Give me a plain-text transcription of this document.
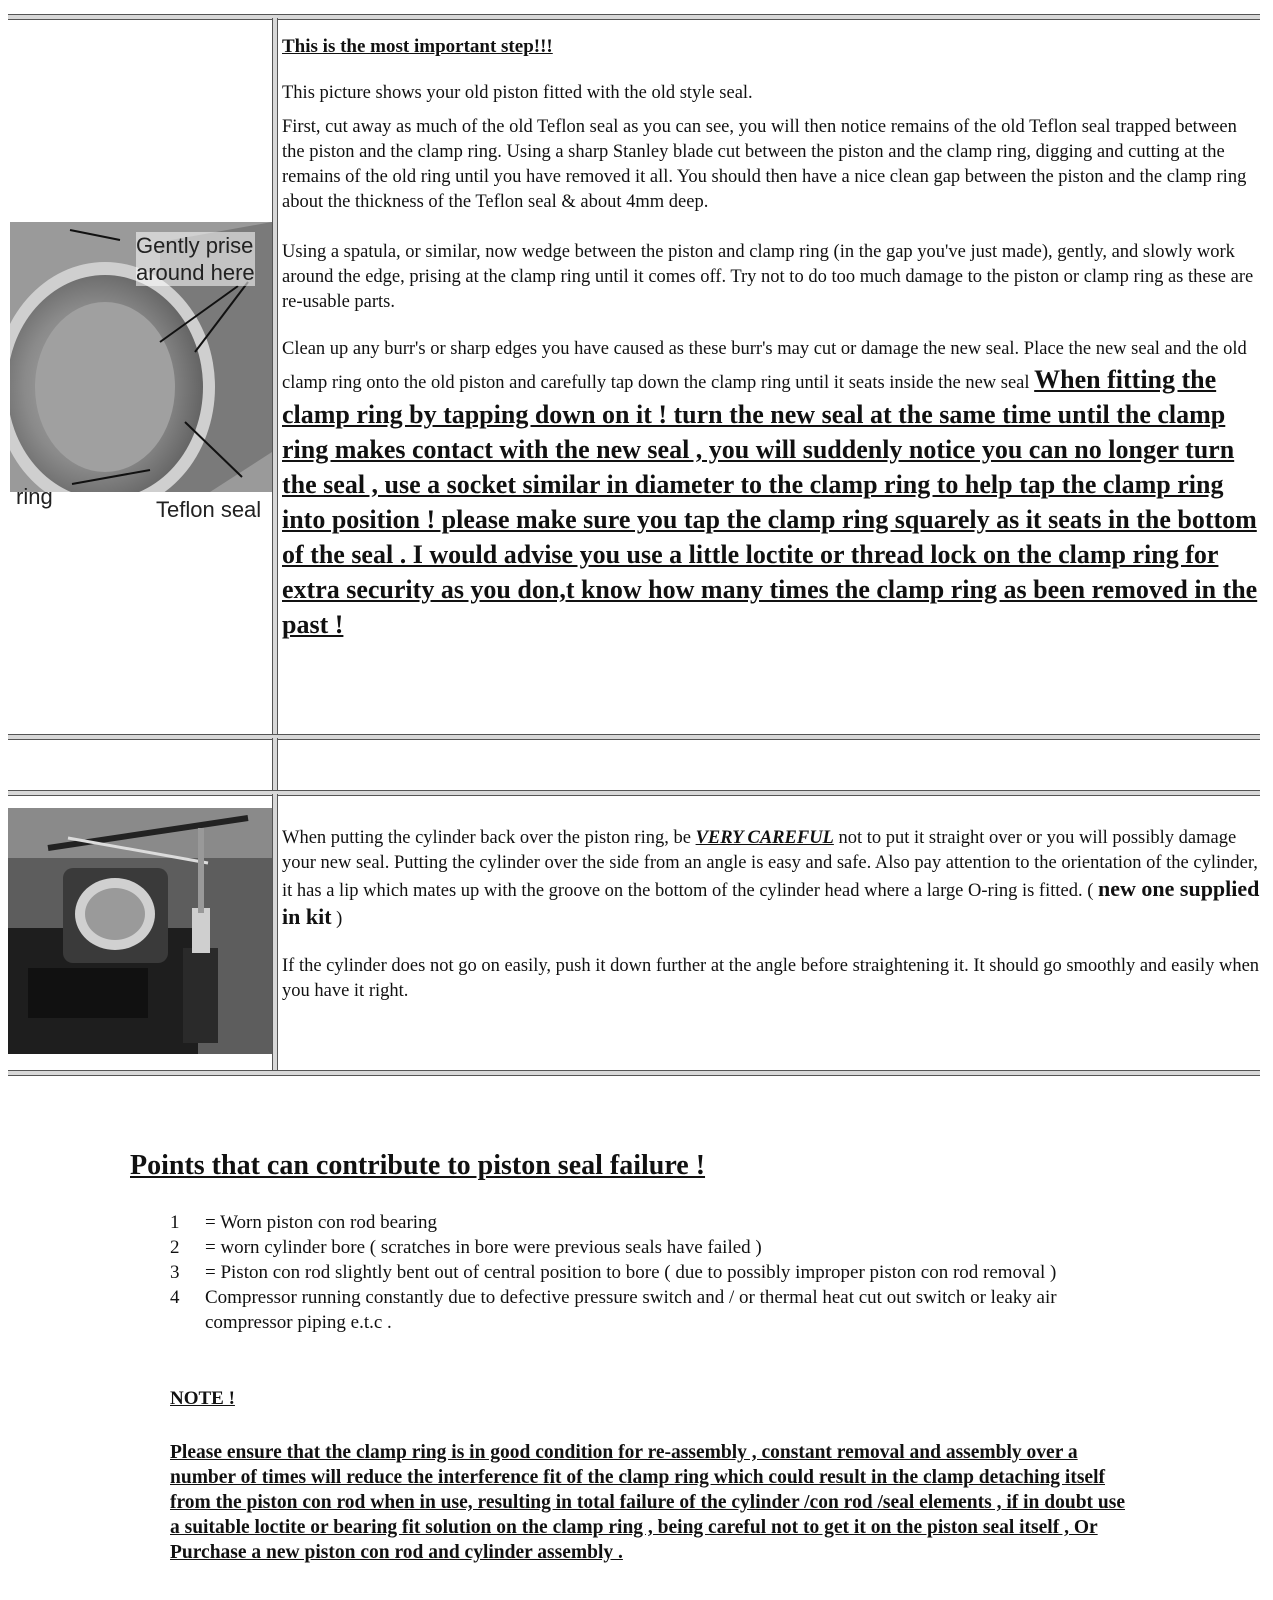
Gently prise
around here
ring
Teflon seal

This is the most important step!!!

This picture shows your old piston fitted with the old style seal.

First, cut away as much of the old Teflon seal as you can see, you will then notice remains of the old Teflon seal trapped between the piston and the clamp ring. Using a sharp Stanley blade cut between the piston and the clamp ring, digging and cutting at the remains of the old ring until you have removed it all. You should then have a nice clean gap between the piston and the clamp ring about the thickness of the Teflon seal & about 4mm deep.

Using a spatula, or similar, now wedge between the piston and clamp ring (in the gap you've just made), gently, and slowly work around the edge, prising at the clamp ring until it comes off. Try not to do too much damage to the piston or clamp ring as these are re-usable parts.

Clean up any burr's or sharp edges you have caused as these burr's may cut or damage the new seal. Place the new seal and the old clamp ring onto the old piston and carefully tap down the clamp ring until it seats inside the new seal When fitting the clamp ring by tapping down on it ! turn the new seal at the same time until the clamp ring makes contact with the new seal , you will suddenly notice you can no longer turn the seal , use a socket similar in diameter to the clamp ring to help tap the clamp ring into position ! please make sure you tap the clamp ring squarely as it seats in the bottom of the seal . I would advise you use a little loctite or thread lock on the clamp ring for extra security as you don,t know how many times the clamp ring as been removed in the past !

When putting the cylinder back over the piston ring, be VERY CAREFUL not to put it straight over or you will possibly damage your new seal. Putting the cylinder over the side from an angle is easy and safe. Also pay attention to the orientation of the cylinder, it has a lip which mates up with the groove on the bottom of the cylinder head where a large O-ring is fitted. ( new one supplied in kit )

If the cylinder does not go on easily, push it down further at the angle before straightening it. It should go smoothly and easily when you have it right.

Points that can contribute to piston seal failure !
1	= Worn piston con rod bearing
2	= worn cylinder bore ( scratches in bore were previous seals have failed )
3	= Piston con rod slightly bent out of central position to bore ( due to possibly improper piston con rod removal )
4	Compressor running constantly due to defective pressure switch and / or thermal heat cut out switch or leaky air compressor piping e.t.c .
NOTE !
Please ensure that the clamp ring is in good condition for re-assembly , constant removal and assembly over a number of times will reduce the interference fit of the clamp ring which could result in the clamp detaching itself from the piston con rod when in use, resulting in total failure of the cylinder /con rod /seal elements , if in doubt use a suitable loctite or bearing fit solution on the clamp ring , being careful not to get it on the piston seal itself , Or Purchase a new piston con rod and cylinder assembly .
